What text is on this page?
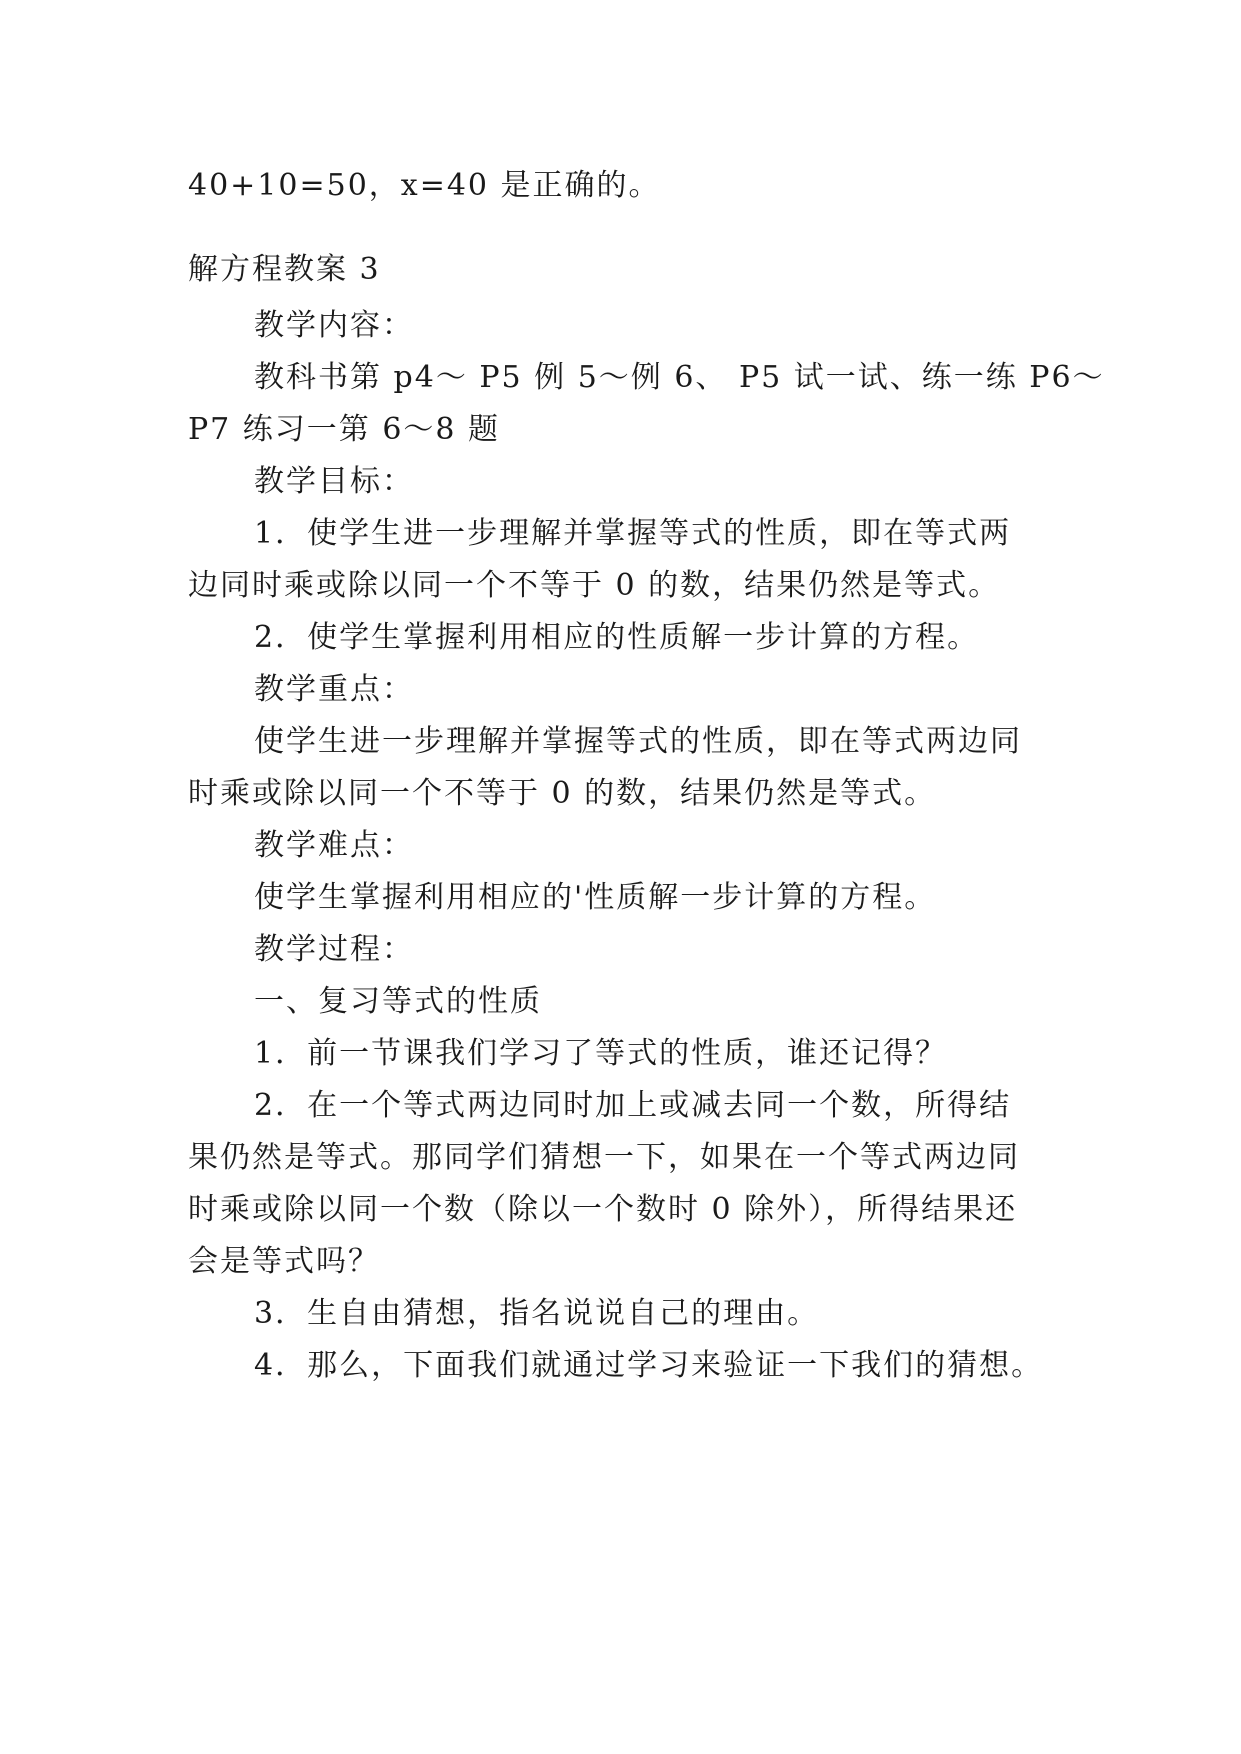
40+10=50，x=40 是正确的。
解方程教案 3
教学内容：
教科书第 p4～ P5 例 5～例 6、 P5 试一试、练一练 P6～
P7 练习一第 6～8 题
教学目标：
1．使学生进一步理解并掌握等式的性质，即在等式两
边同时乘或除以同一个不等于 0 的数，结果仍然是等式。
2．使学生掌握利用相应的性质解一步计算的方程。
教学重点：
使学生进一步理解并掌握等式的性质，即在等式两边同
时乘或除以同一个不等于 0 的数，结果仍然是等式。
教学难点：
使学生掌握利用相应的'性质解一步计算的方程。
教学过程：
一、复习等式的性质
1．前一节课我们学习了等式的性质，谁还记得？
2．在一个等式两边同时加上或减去同一个数，所得结
果仍然是等式。那同学们猜想一下，如果在一个等式两边同
时乘或除以同一个数（除以一个数时 0 除外），所得结果还
会是等式吗？
3．生自由猜想，指名说说自己的理由。
4．那么，下面我们就通过学习来验证一下我们的猜想。
